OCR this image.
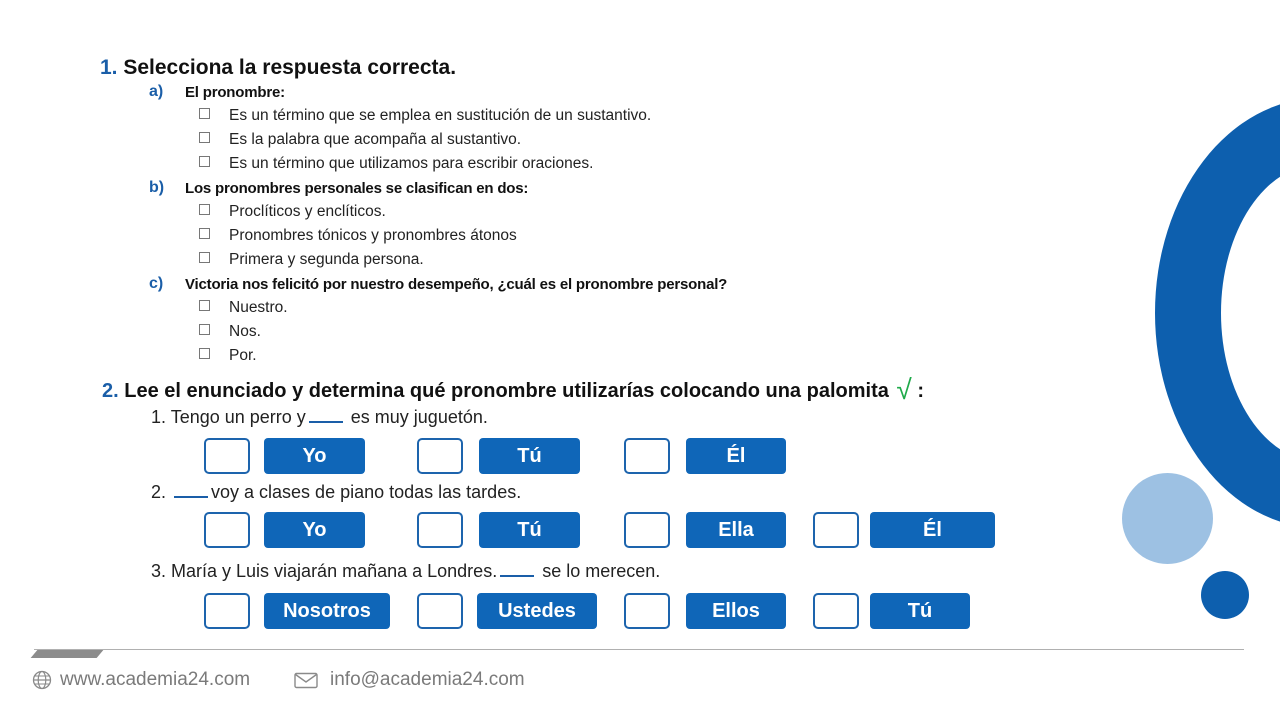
1. Selecciona la respuesta correcta.
a) El pronombre:
Es un término que se emplea en sustitución de un sustantivo.
Es la palabra que acompaña al sustantivo.
Es un término que utilizamos para escribir oraciones.
b) Los pronombres personales se clasifican en dos:
Proclíticos y enclíticos.
Pronombres tónicos y pronombres átonos
Primera y segunda persona.
c) Victoria nos felicitó por nuestro desempeño, ¿cuál es el pronombre personal?
Nuestro.
Nos.
Por.
2. Lee el enunciado y determina qué pronombre utilizarías colocando una palomita √ :
1. Tengo un perro y es muy juguetón.
Yo	Tú	Él
2. voy a clases de piano todas las tardes.
Yo	Tú	Ella	Él
3. María y Luis viajarán mañana a Londres. se lo merecen.
Nosotros	Ustedes	Ellos	Tú
www.academia24.com	info@academia24.com
